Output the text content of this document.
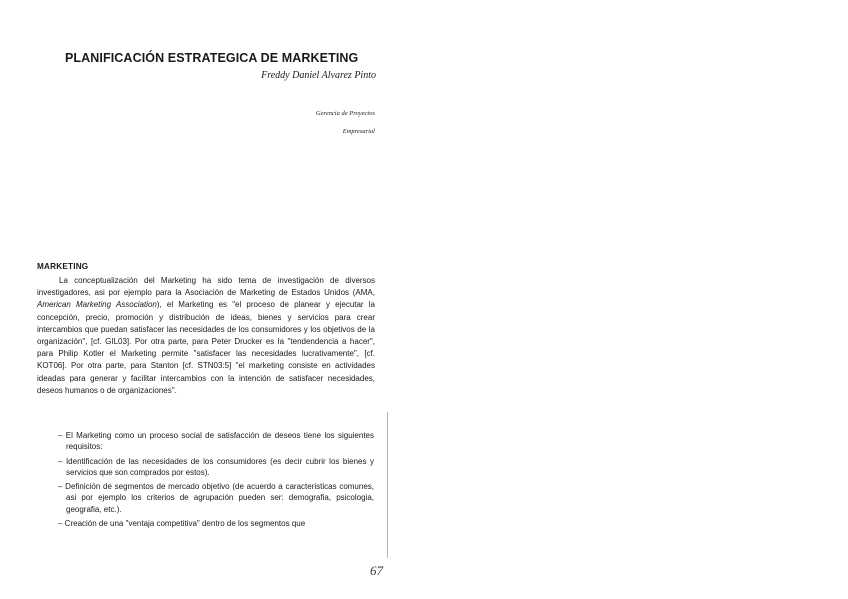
PLANIFICACIÓN ESTRATEGICA DE MARKETING

Freddy Daniel Alvarez Pinto

Gerencia de Proyectos

Empresarial

MARKETING

La conceptualización del Marketing ha sido tema de investigación de diversos investigadores, asi por ejemplo para la Asociación de Marketing de Estados Unidos (AMA, American Marketing Association), el Marketing es "el proceso de planear y ejecutar la concepción, precio, promoción y distribución de ideas, bienes y servicios para crear intercambios que puedan satisfacer las necesidades de los consumidores y los objetivos de la organización", [cf. GIL03]. Por otra parte, para Peter Drucker es la "tendendencia a hacer", para Philip Kotler el Marketing permite "satisfacer las necesidades lucrativamente", [cf. KOT06]. Por otra parte, para Stanton [cf. STN03:5] "el marketing consiste en actividades ideadas para generar y facilitar intercambios con la intención de satisfacer necesidades, deseos humanos o de organizaciones".

– El Marketing como un proceso social de satisfacción de deseos tiene los siguientes requisitos:
– Identificación de las necesidades de los consumidores (es decir cubrir los bienes y servicios que son comprados por estos).
– Definición de segmentos de mercado objetivo (de acuerdo a caracteristicas comunes, asi por ejemplo los criterios de agrupación pueden ser: demografia, psicologia, geografia, etc.).
– Creación de una "ventaja competitiva" dentro de los segmentos que

67
